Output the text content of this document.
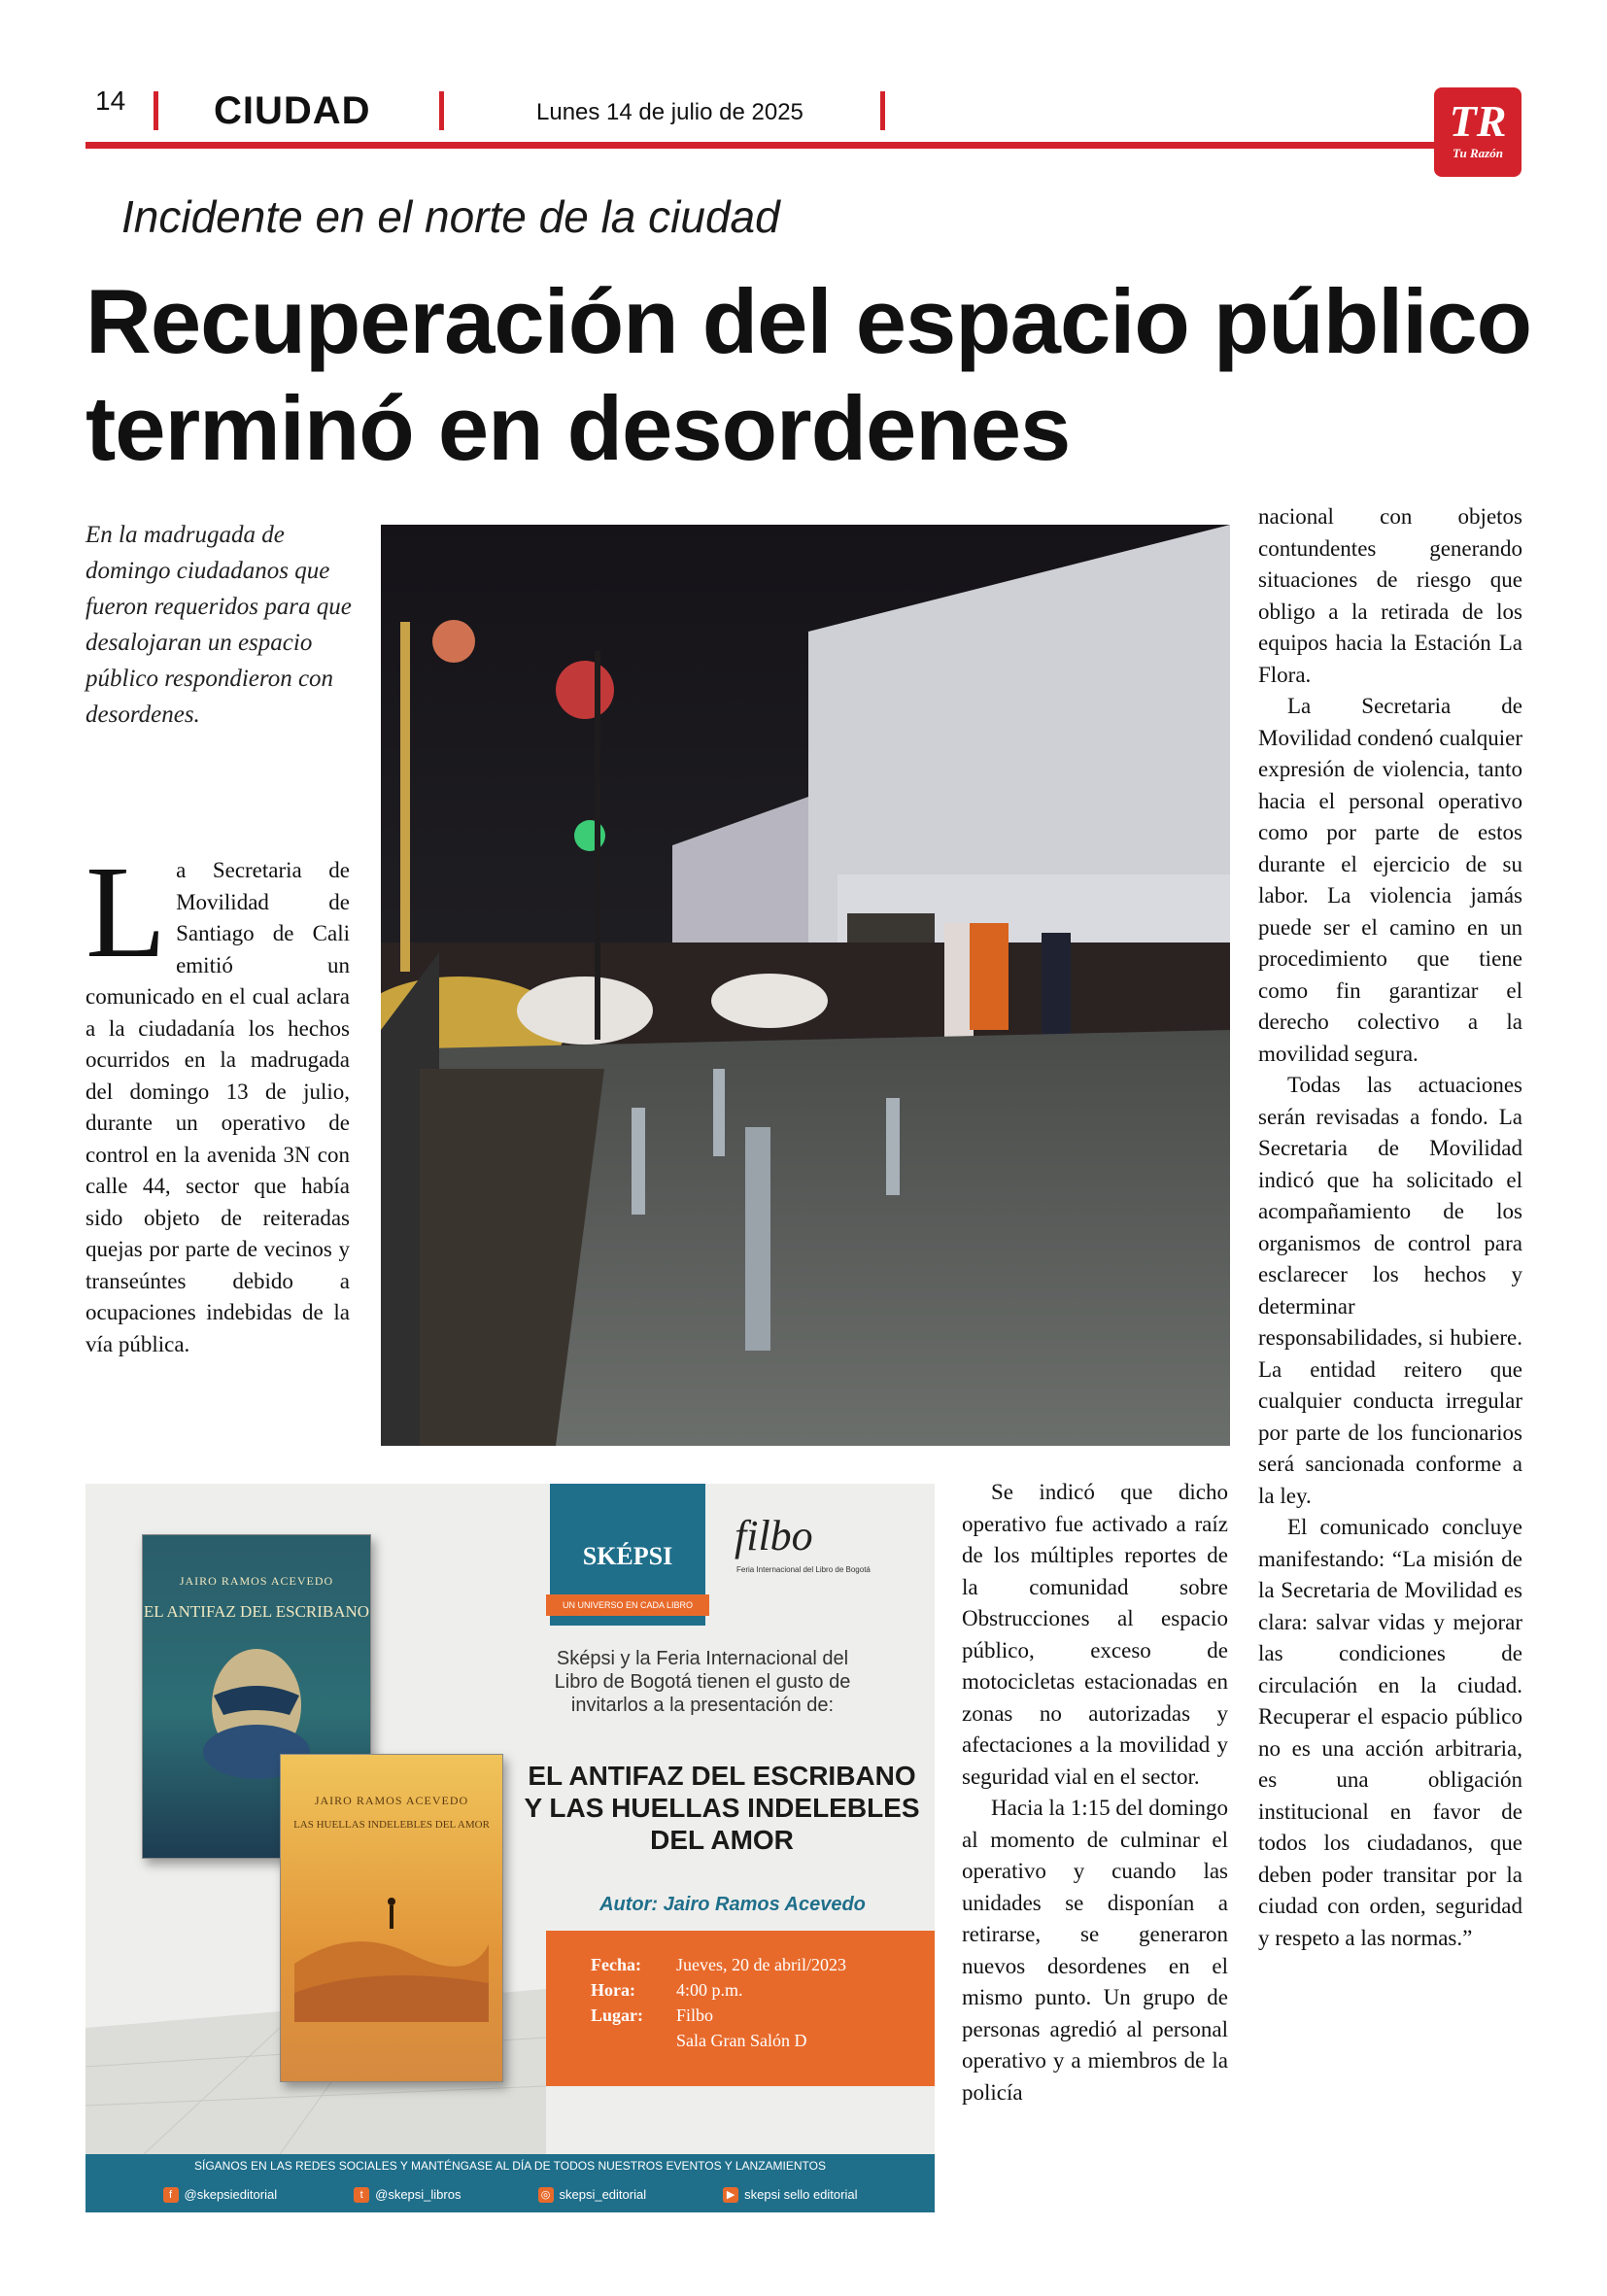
14 CIUDAD	Lunes 14 de julio de 2025	TR
Tu Razón
Incidente en el norte de la ciudad
Recuperación del espacio público terminó en desordenes
En la madrugada de domingo ciudadanos que fueron requeridos para que desalojaran un espacio público respondieron con desordenes.

La Secretaria de Movilidad de Santiago de Cali emitió un comunicado en el cual aclara a la ciudadanía los hechos ocurridos en la madrugada del domingo 13 de julio, durante un operativo de control en la avenida 3N con calle 44, sector que había sido objeto de reiteradas quejas por parte de vecinos y transeúntes debido a ocupaciones indebidas de la vía pública.

Se indicó que dicho operativo fue activado a raíz de los múltiples reportes de la comunidad sobre Obstrucciones al espacio público, exceso de motocicletas estacionadas en zonas no autorizadas y afectaciones a la movilidad y seguridad vial en el sector.

Hacia la 1:15 del domingo al momento de culminar el operativo y cuando las unidades se disponían a retirarse, se generaron nuevos desordenes en el mismo punto. Un grupo de personas agredió al personal operativo y a miembros de la policía

nacional con objetos contundentes generando situaciones de riesgo que obligo a la retirada de los equipos hacia la Estación La Flora.

La Secretaria de Movilidad condenó cualquier expresión de violencia, tanto hacia el personal operativo como por parte de estos durante el ejercicio de su labor. La violencia jamás puede ser el camino en un procedimiento que tiene como fin garantizar el derecho colectivo a la movilidad segura.

Todas las actuaciones serán revisadas a fondo. La Secretaria de Movilidad indicó que ha solicitado el acompañamiento de los organismos de control para esclarecer los hechos y determinar responsabilidades, si hubiere. La entidad reitero que cualquier conducta irregular por parte de los funcionarios será sancionada conforme a la ley.

El comunicado concluye manifestando: “La misión de la Secretaria de Movilidad es clara: salvar vidas y mejorar las condiciones de circulación en la ciudad. Recuperar el espacio público no es una acción arbitraria, es una obligación institucional en favor de todos los ciudadanos, que deben poder transitar por la ciudad con orden, seguridad y respeto a las normas.”

JAIRO RAMOS ACEVEDO
EL ANTIFAZ DEL ESCRIBANO
JAIRO RAMOS ACEVEDO
LAS HUELLAS INDELEBLES DEL AMOR
SKÉPSI
UN UNIVERSO EN CADA LIBRO
filbo
Feria Internacional del Libro de Bogotá
Sképsi y la Feria Internacional del Libro de Bogotá tienen el gusto de invitarlos a la presentación de:
EL ANTIFAZ DEL ESCRIBANO Y LAS HUELLAS INDELEBLES DEL AMOR
Autor: Jairo Ramos Acevedo
Fecha:	Jueves, 20 de abril/2023
Hora:	4:00 p.m.
Lugar:	Filbo
Sala Gran Salón D
SÍGANOS EN LAS REDES SOCIALES Y MANTÉNGASE AL DÍA DE TODOS NUESTROS EVENTOS Y LANZAMIENTOS
f @skepsieditorial	t @skepsi_libros	◎ skepsi_editorial	▶ skepsi sello editorial
